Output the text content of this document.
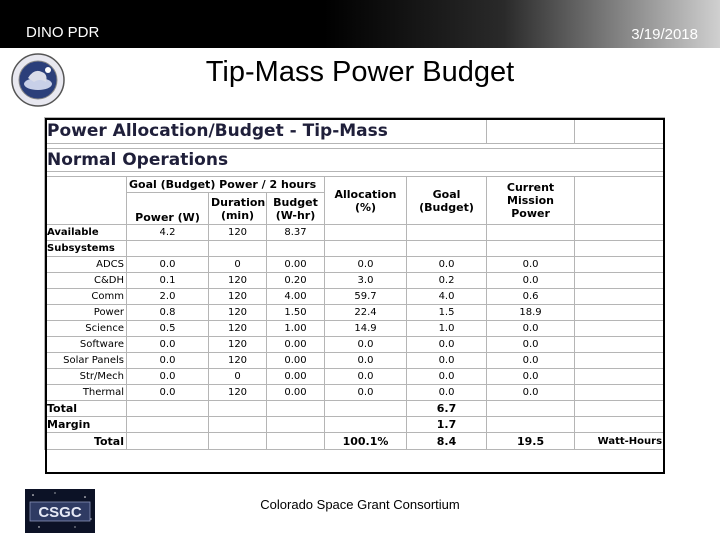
DINO PDR	3/19/2018
Tip-Mass Power Budget
Power Allocation/Budget - Tip-Mass							

Normal Operations							

	Goal (Budget) Power / 2 hours			Allocation (%)	Goal (Budget)	Current Mission Power	

	Power (W)	Duration (min)	Budget (W-hr)				

Available	4.2	120	8.37				
Subsystems							
ADCS	0.0	0	0.00	0.0	0.0	0.0	
C&DH	0.1	120	0.20	3.0	0.2	0.0	
Comm	2.0	120	4.00	59.7	4.0	0.6	
Power	0.8	120	1.50	22.4	1.5	18.9	
Science	0.5	120	1.00	14.9	1.0	0.0	
Software	0.0	120	0.00	0.0	0.0	0.0	
Solar Panels	0.0	120	0.00	0.0	0.0	0.0	
Str/Mech	0.0	0	0.00	0.0	0.0	0.0	
Thermal	0.0	120	0.00	0.0	0.0	0.0	
Total					6.7		
Margin					1.7		
Total				100.1%	8.4	19.5	Watt-Hours
CSGC	Colorado Space Grant Consortium
